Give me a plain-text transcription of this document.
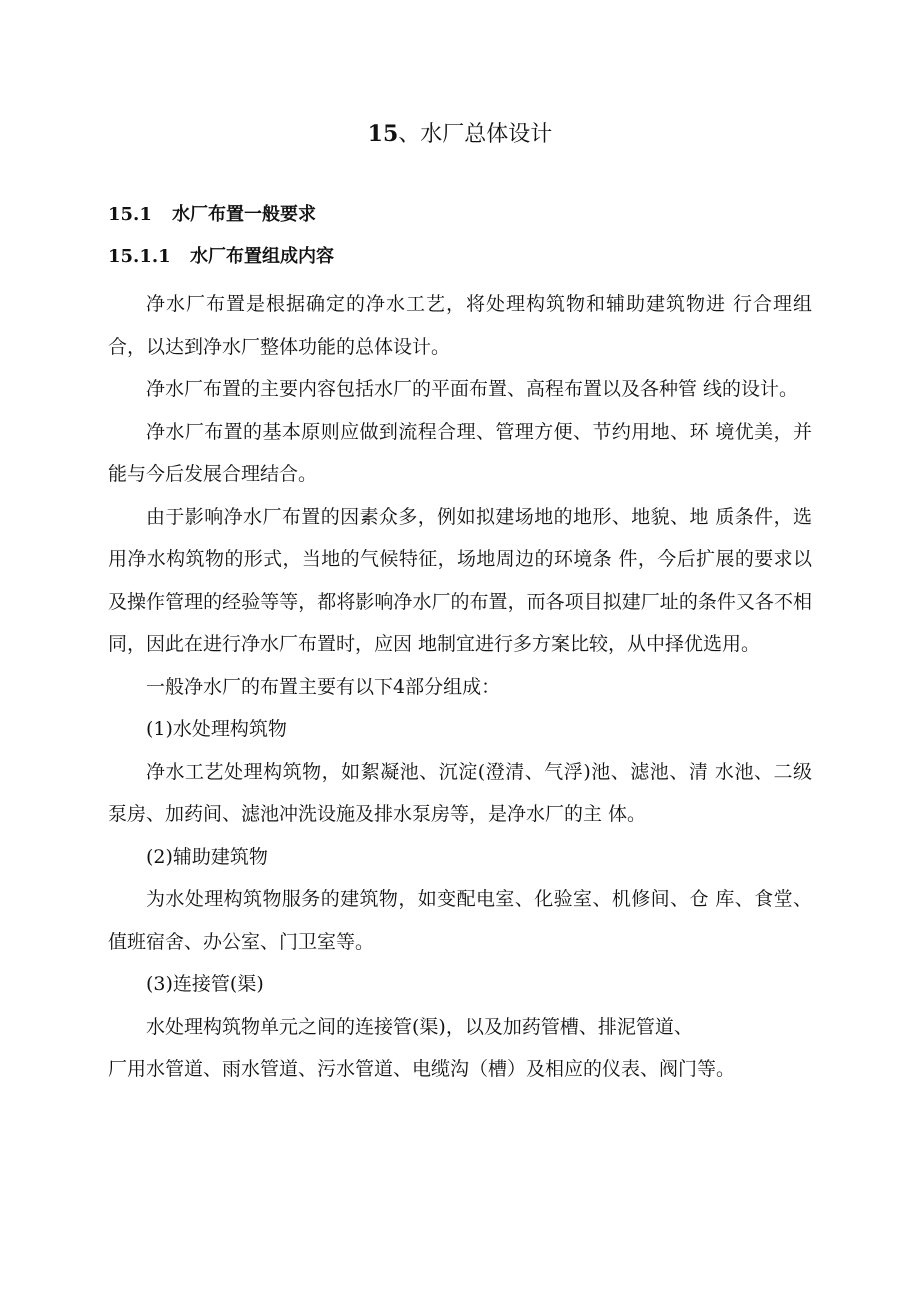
15、水厂总体设计
15.1 水厂布置一般要求
15.1.1 水厂布置组成内容

净水厂布置是根据确定的净水工艺，将处理构筑物和辅助建筑物进 行合理组合，以达到净水厂整体功能的总体设计。

净水厂布置的主要内容包括水厂的平面布置、高程布置以及各种管 线的设计。

净水厂布置的基本原则应做到流程合理、管理方便、节约用地、环 境优美，并能与今后发展合理结合。

由于影响净水厂布置的因素众多，例如拟建场地的地形、地貌、地 质条件，选用净水构筑物的形式，当地的气候特征，场地周边的环境条 件，今后扩展的要求以及操作管理的经验等等，都将影响净水厂的布置，而各项目拟建厂址的条件又各不相同，因此在进行净水厂布置时，应因 地制宜进行多方案比较，从中择优选用。

一般净水厂的布置主要有以下4部分组成：

(1)水处理构筑物

净水工艺处理构筑物，如絮凝池、沉淀(澄清、气浮)池、滤池、清 水池、二级泵房、加药间、滤池冲洗设施及排水泵房等，是净水厂的主 体。

(2)辅助建筑物

为水处理构筑物服务的建筑物，如变配电室、化验室、机修间、仓 库、食堂、值班宿舍、办公室、门卫室等。

(3)连接管(渠)

水处理构筑物单元之间的连接管(渠)，以及加药管槽、排泥管道、

厂用水管道、雨水管道、污水管道、电缆沟（槽）及相应的仪表、阀门等。
